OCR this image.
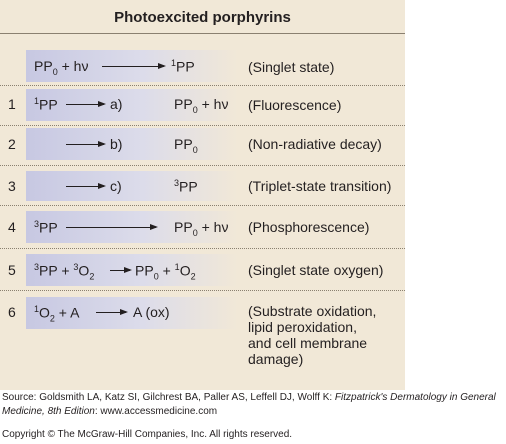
Photoexcited porphyrins
$PP_0 + h\nu$	$^1$PP	(Singlet state)
1 $^1$PP	a)	$PP_0 + h\nu$ (Fluorescence)
2	b)	$PP_0$	(Non-radiative decay)
3	c)	$^3$PP	(Triplet-state transition)
4 $^3$PP	$PP_0 + h\nu$ (Phosphorescence)
5 $^3PP + ^3O_2$	$PP_0 + ^1O_2$	(Singlet state oxygen)
6 $^1O_2 + A$	A (ox)	(Substrate oxidation,
lipid peroxidation,
and cell membrane
damage)
Source: Goldsmith LA, Katz SI, Gilchrest BA, Paller AS, Leffell DJ, Wolff K: Fitzpatrick's Dermatology in General Medicine, 8th Edition: www.accessmedicine.com
Copyright © The McGraw-Hill Companies, Inc. All rights reserved.
